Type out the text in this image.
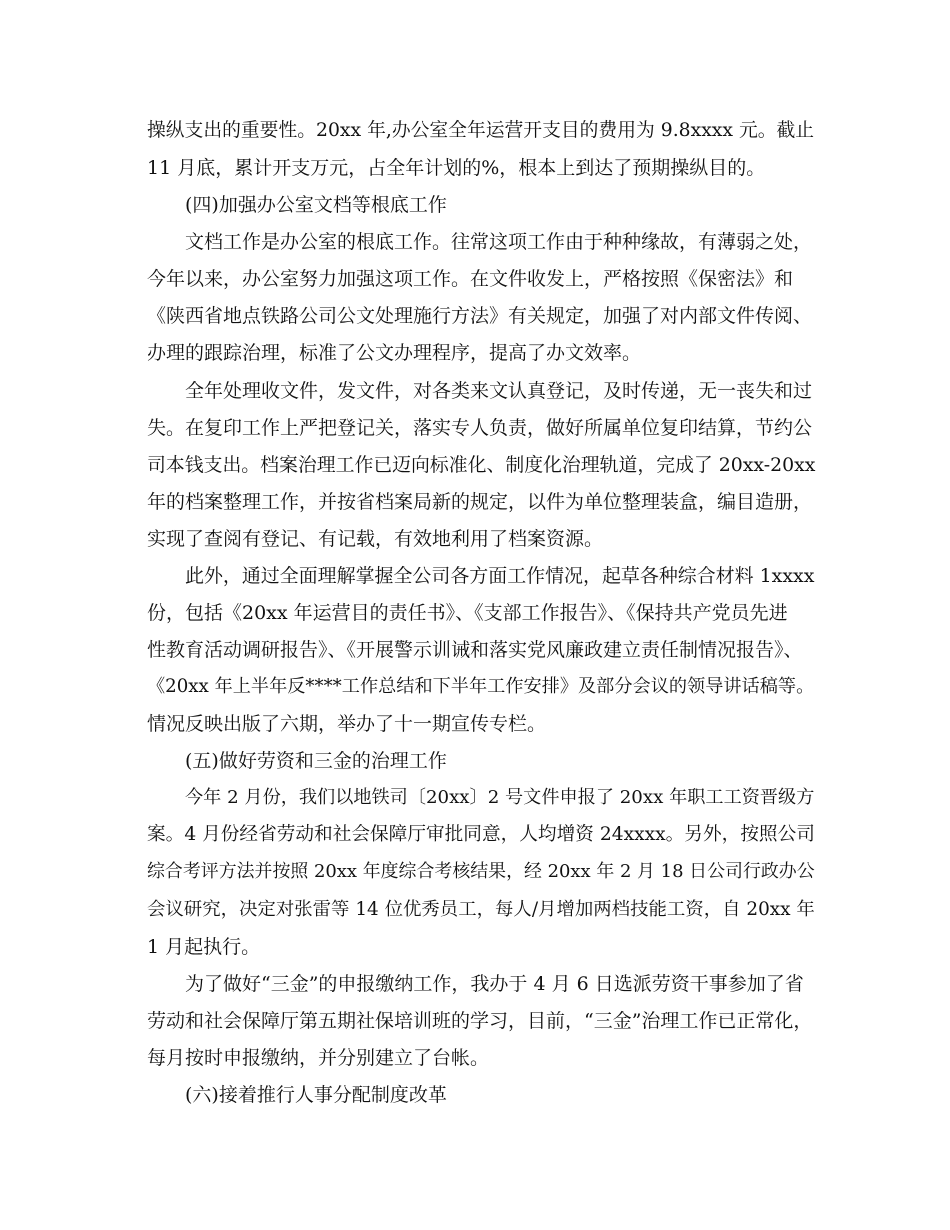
操纵支出的重要性。20xx 年,办公室全年运营开支目的费用为 9.8xxxx 元。截止

11 月底，累计开支万元，占全年计划的%，根本上到达了预期操纵目的。

(四)加强办公室文档等根底工作

文档工作是办公室的根底工作。往常这项工作由于种种缘故，有薄弱之处，

今年以来，办公室努力加强这项工作。在文件收发上，严格按照《保密法》和

《陕西省地点铁路公司公文处理施行方法》有关规定，加强了对内部文件传阅、

办理的跟踪治理，标准了公文办理程序，提高了办文效率。

全年处理收文件，发文件，对各类来文认真登记，及时传递，无一丧失和过

失。在复印工作上严把登记关，落实专人负责，做好所属单位复印结算，节约公

司本钱支出。档案治理工作已迈向标准化、制度化治理轨道，完成了 20xx-20xx

年的档案整理工作，并按省档案局新的规定，以件为单位整理装盒，编目造册，

实现了查阅有登记、有记载，有效地利用了档案资源。

此外，通过全面理解掌握全公司各方面工作情况，起草各种综合材料 1xxxx

份，包括《20xx 年运营目的责任书》、《支部工作报告》、《保持共产党员先进

性教育活动调研报告》、《开展警示训诫和落实党风廉政建立责任制情况报告》、

《20xx 年上半年反****工作总结和下半年工作安排》及部分会议的领导讲话稿等。

情况反映出版了六期，举办了十一期宣传专栏。

(五)做好劳资和三金的治理工作

今年 2 月份，我们以地铁司〔20xx〕2 号文件申报了 20xx 年职工工资晋级方

案。4 月份经省劳动和社会保障厅审批同意，人均增资 24xxxx。另外，按照公司

综合考评方法并按照 20xx 年度综合考核结果，经 20xx 年 2 月 18 日公司行政办公

会议研究，决定对张雷等 14 位优秀员工，每人/月增加两档技能工资，自 20xx 年

1 月起执行。

为了做好“三金”的申报缴纳工作，我办于 4 月 6 日选派劳资干事参加了省

劳动和社会保障厅第五期社保培训班的学习，目前，“三金”治理工作已正常化，

每月按时申报缴纳，并分别建立了台帐。

(六)接着推行人事分配制度改革
